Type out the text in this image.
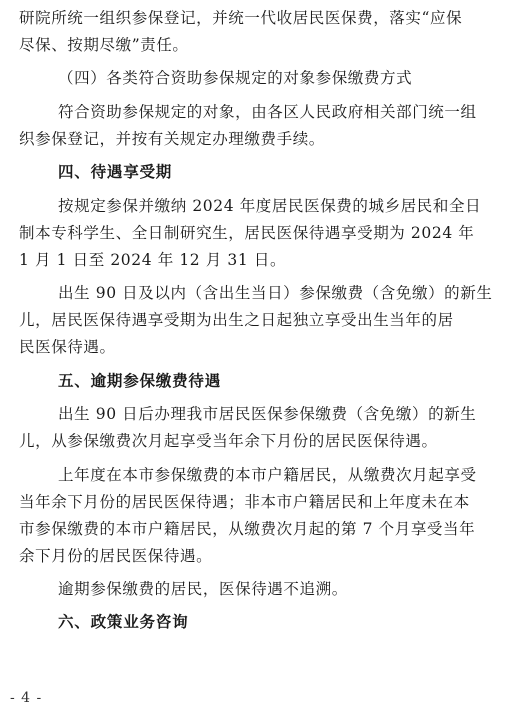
研院所统一组织参保登记，并统一代收居民医保费，落实“应保
尽保、按期尽缴”责任。
（四）各类符合资助参保规定的对象参保缴费方式
符合资助参保规定的对象，由各区人民政府相关部门统一组
织参保登记，并按有关规定办理缴费手续。
四、待遇享受期
按规定参保并缴纳 2024 年度居民医保费的城乡居民和全日
制本专科学生、全日制研究生，居民医保待遇享受期为 2024 年
1 月 1 日至 2024 年 12 月 31 日。
出生 90 日及以内（含出生当日）参保缴费（含免缴）的新生
儿，居民医保待遇享受期为出生之日起独立享受出生当年的居
民医保待遇。
五、逾期参保缴费待遇
出生 90 日后办理我市居民医保参保缴费（含免缴）的新生
儿，从参保缴费次月起享受当年余下月份的居民医保待遇。
上年度在本市参保缴费的本市户籍居民，从缴费次月起享受
当年余下月份的居民医保待遇；非本市户籍居民和上年度未在本
市参保缴费的本市户籍居民，从缴费次月起的第 7 个月享受当年
余下月份的居民医保待遇。
逾期参保缴费的居民，医保待遇不追溯。
六、政策业务咨询
- 4 -
